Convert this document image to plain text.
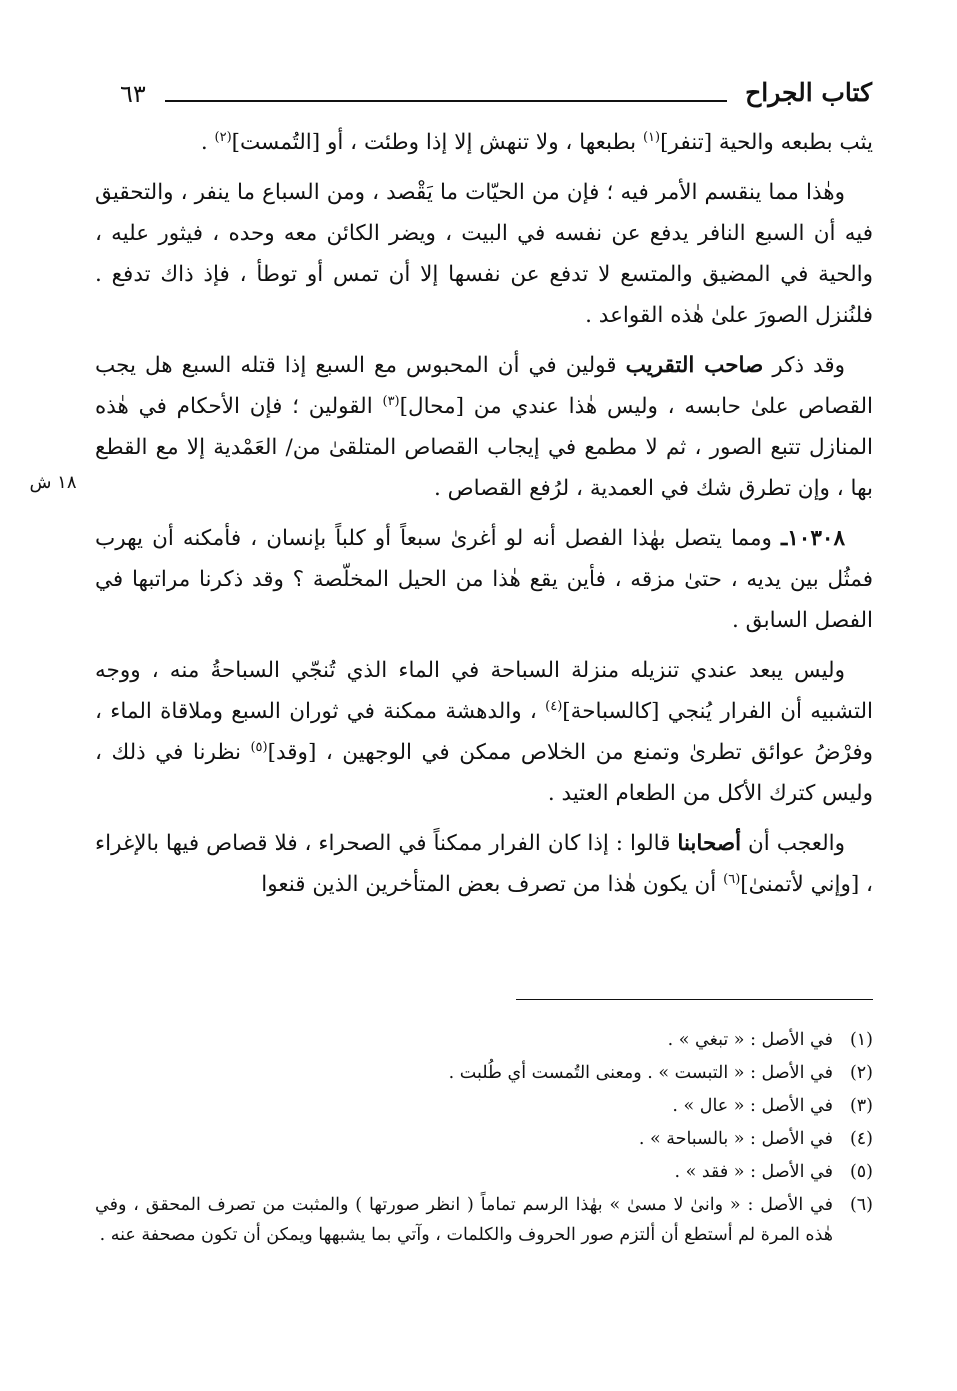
كتاب الجراح
٦٣
١٨ ش

يثب بطبعه والحية [تنفر]$^{(١)}$ بطبعها ، ولا تنهش إلا إذا وطئت ، أو [التُمست]$^{(٢)}$ .

وهٰذا مما ينقسم الأمر فيه ؛ فإن من الحيّات ما يَقْصد ، ومن السباع ما ينفر ، والتحقيق فيه أن السبع النافر يدفع عن نفسه في البيت ، ويضر الكائن معه وحده ، فيثور عليه ، والحية في المضيق والمتسع لا تدفع عن نفسها إلا أن تمس أو توطأ ، فإذ ذاك تدفع . فلنُنزل الصورَ علىٰ هٰذه القواعد .

وقد ذكر صاحب التقريب قولين في أن المحبوس مع السبع إذا قتله السبع هل يجب القصاص علىٰ حابسه ، وليس هٰذا عندي من [محال]$^{(٣)}$ القولين ؛ فإن الأحكام في هٰذه المنازل تتبع الصور ، ثم لا مطمع في إيجاب القصاص المتلقىٰ من/ العَمْدية إلا مع القطع بها ، وإن تطرق شك في العمدية ، لرُفع القصاص .

١٠٣٠٨ـ ومما يتصل بهٰذا الفصل أنه لو أغرىٰ سبعاً أو كلباً بإنسان ، فأمكنه أن يهرب فمثُل بين يديه ، حتىٰ مزقه ، فأين يقع هٰذا من الحيل المخلّصة ؟ وقد ذكرنا مراتبها في الفصل السابق .

وليس يبعد عندي تنزيله منزلة السباحة في الماء الذي تُنجّي السباحةُ منه ، ووجه التشبيه أن الفرار يُنجي [كالسباحة]$^{(٤)}$ ، والدهشة ممكنة في ثوران السبع وملاقاة الماء ، وفرْضُ عوائق تطرىٰ وتمنع من الخلاص ممكن في الوجهين ، [وقد]$^{(٥)}$ نظرنا في ذلك ، وليس كترك الأكل من الطعام العتيد .

والعجب أن أصحابنا قالوا : إذا كان الفرار ممكناً في الصحراء ، فلا قصاص فيها بالإغراء ، [وإني لأتمنىٰ]$^{(٦)}$ أن يكون هٰذا من تصرف بعض المتأخرين الذين قنعوا

(١)
في الأصل : « تبغي » .
(٢)
في الأصل : « التبست » . ومعنى التُمست أي طُلبت .
(٣)
في الأصل : « عال » .
(٤)
في الأصل : « بالسباحة » .
(٥)
في الأصل : « فقد » .
(٦)
في الأصل : « وانىٰ لا مسىٰ » بهٰذا الرسم تماماً ( انظر صورتها ) والمثبت من تصرف المحقق ، وفي هٰذه المرة لم أستطع أن ألتزم صور الحروف والكلمات ، وآتي بما يشبهها ويمكن أن تكون مصحفة عنه .
